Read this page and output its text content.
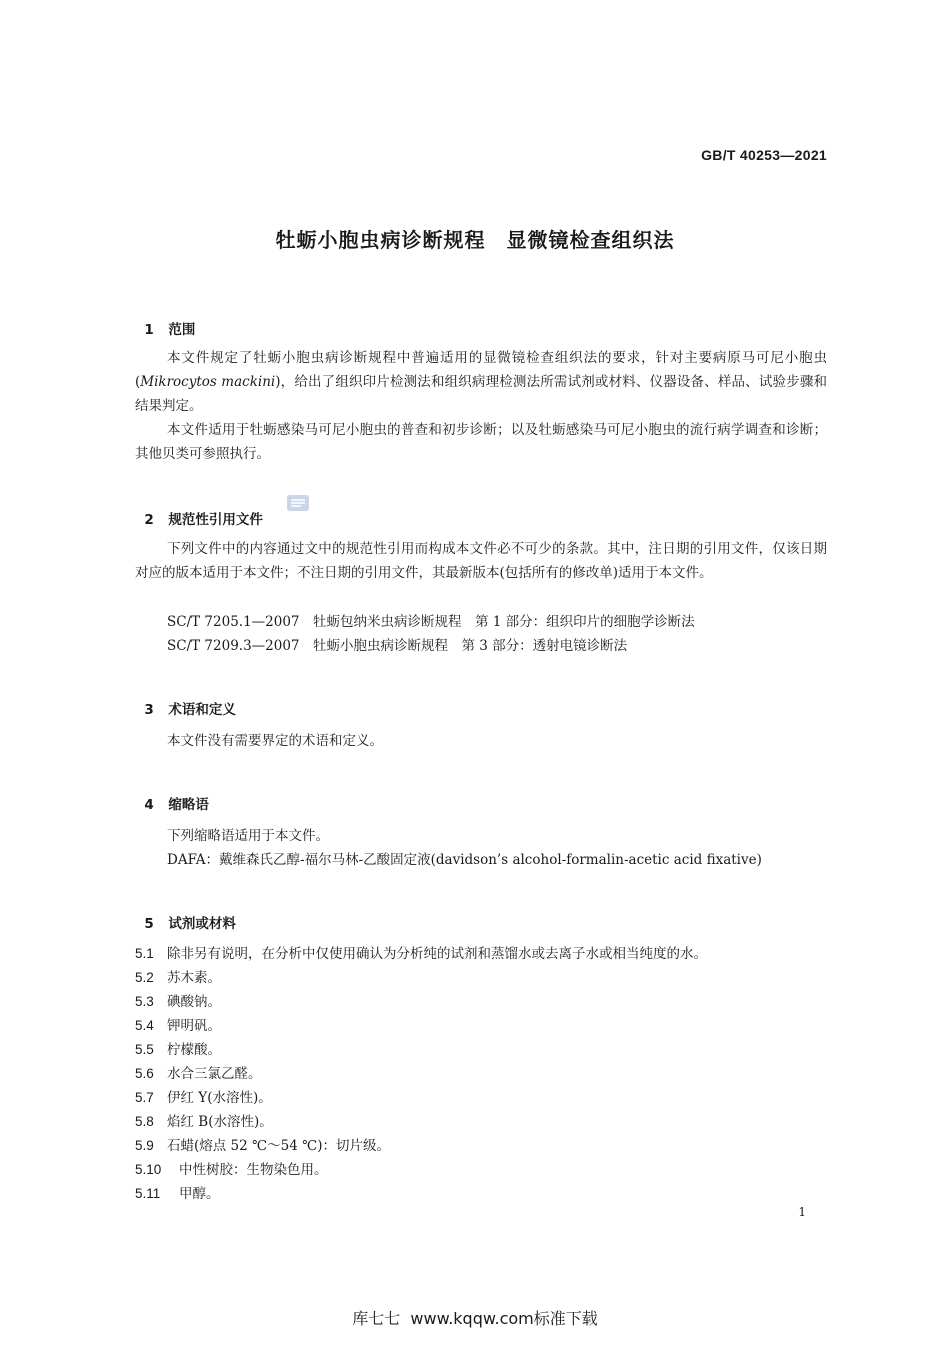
GB/T 40253—2021
牡蛎小胞虫病诊断规程　显微镜检查组织法

1 范围

本文件规定了牡蛎小胞虫病诊断规程中普遍适用的显微镜检查组织法的要求，针对主要病原马可尼小胞虫(Mikrocytos mackini)，给出了组织印片检测法和组织病理检测法所需试剂或材料、仪器设备、样品、试验步骤和结果判定。
本文件适用于牡蛎感染马可尼小胞虫的普查和初步诊断；以及牡蛎感染马可尼小胞虫的流行病学调查和诊断；其他贝类可参照执行。

2 规范性引用文件

下列文件中的内容通过文中的规范性引用而构成本文件必不可少的条款。其中，注日期的引用文件，仅该日期对应的版本适用于本文件；不注日期的引用文件，其最新版本(包括所有的修改单)适用于本文件。
SC/T 7205.1—2007　牡蛎包纳米虫病诊断规程　第 1 部分：组织印片的细胞学诊断法
SC/T 7209.3—2007　牡蛎小胞虫病诊断规程　第 3 部分：透射电镜诊断法

3 术语和定义

本文件没有需要界定的术语和定义。

4 缩略语

下列缩略语适用于本文件。
DAFA：戴维森氏乙醇-福尔马林-乙酸固定液(davidson’s alcohol-formalin-acetic acid fixative)

5 试剂或材料

5.1 除非另有说明，在分析中仅使用确认为分析纯的试剂和蒸馏水或去离子水或相当纯度的水。
5.2 苏木素。
5.3 碘酸钠。
5.4 钾明矾。
5.5 柠檬酸。
5.6 水合三氯乙醛。
5.7 伊红 Y(水溶性)。
5.8 焰红 B(水溶性)。
5.9 石蜡(熔点 52 ℃～54 ℃)：切片级。
5.10 中性树胶：生物染色用。
5.11 甲醇。
1
库七七  www.kqqw.com标准下载
